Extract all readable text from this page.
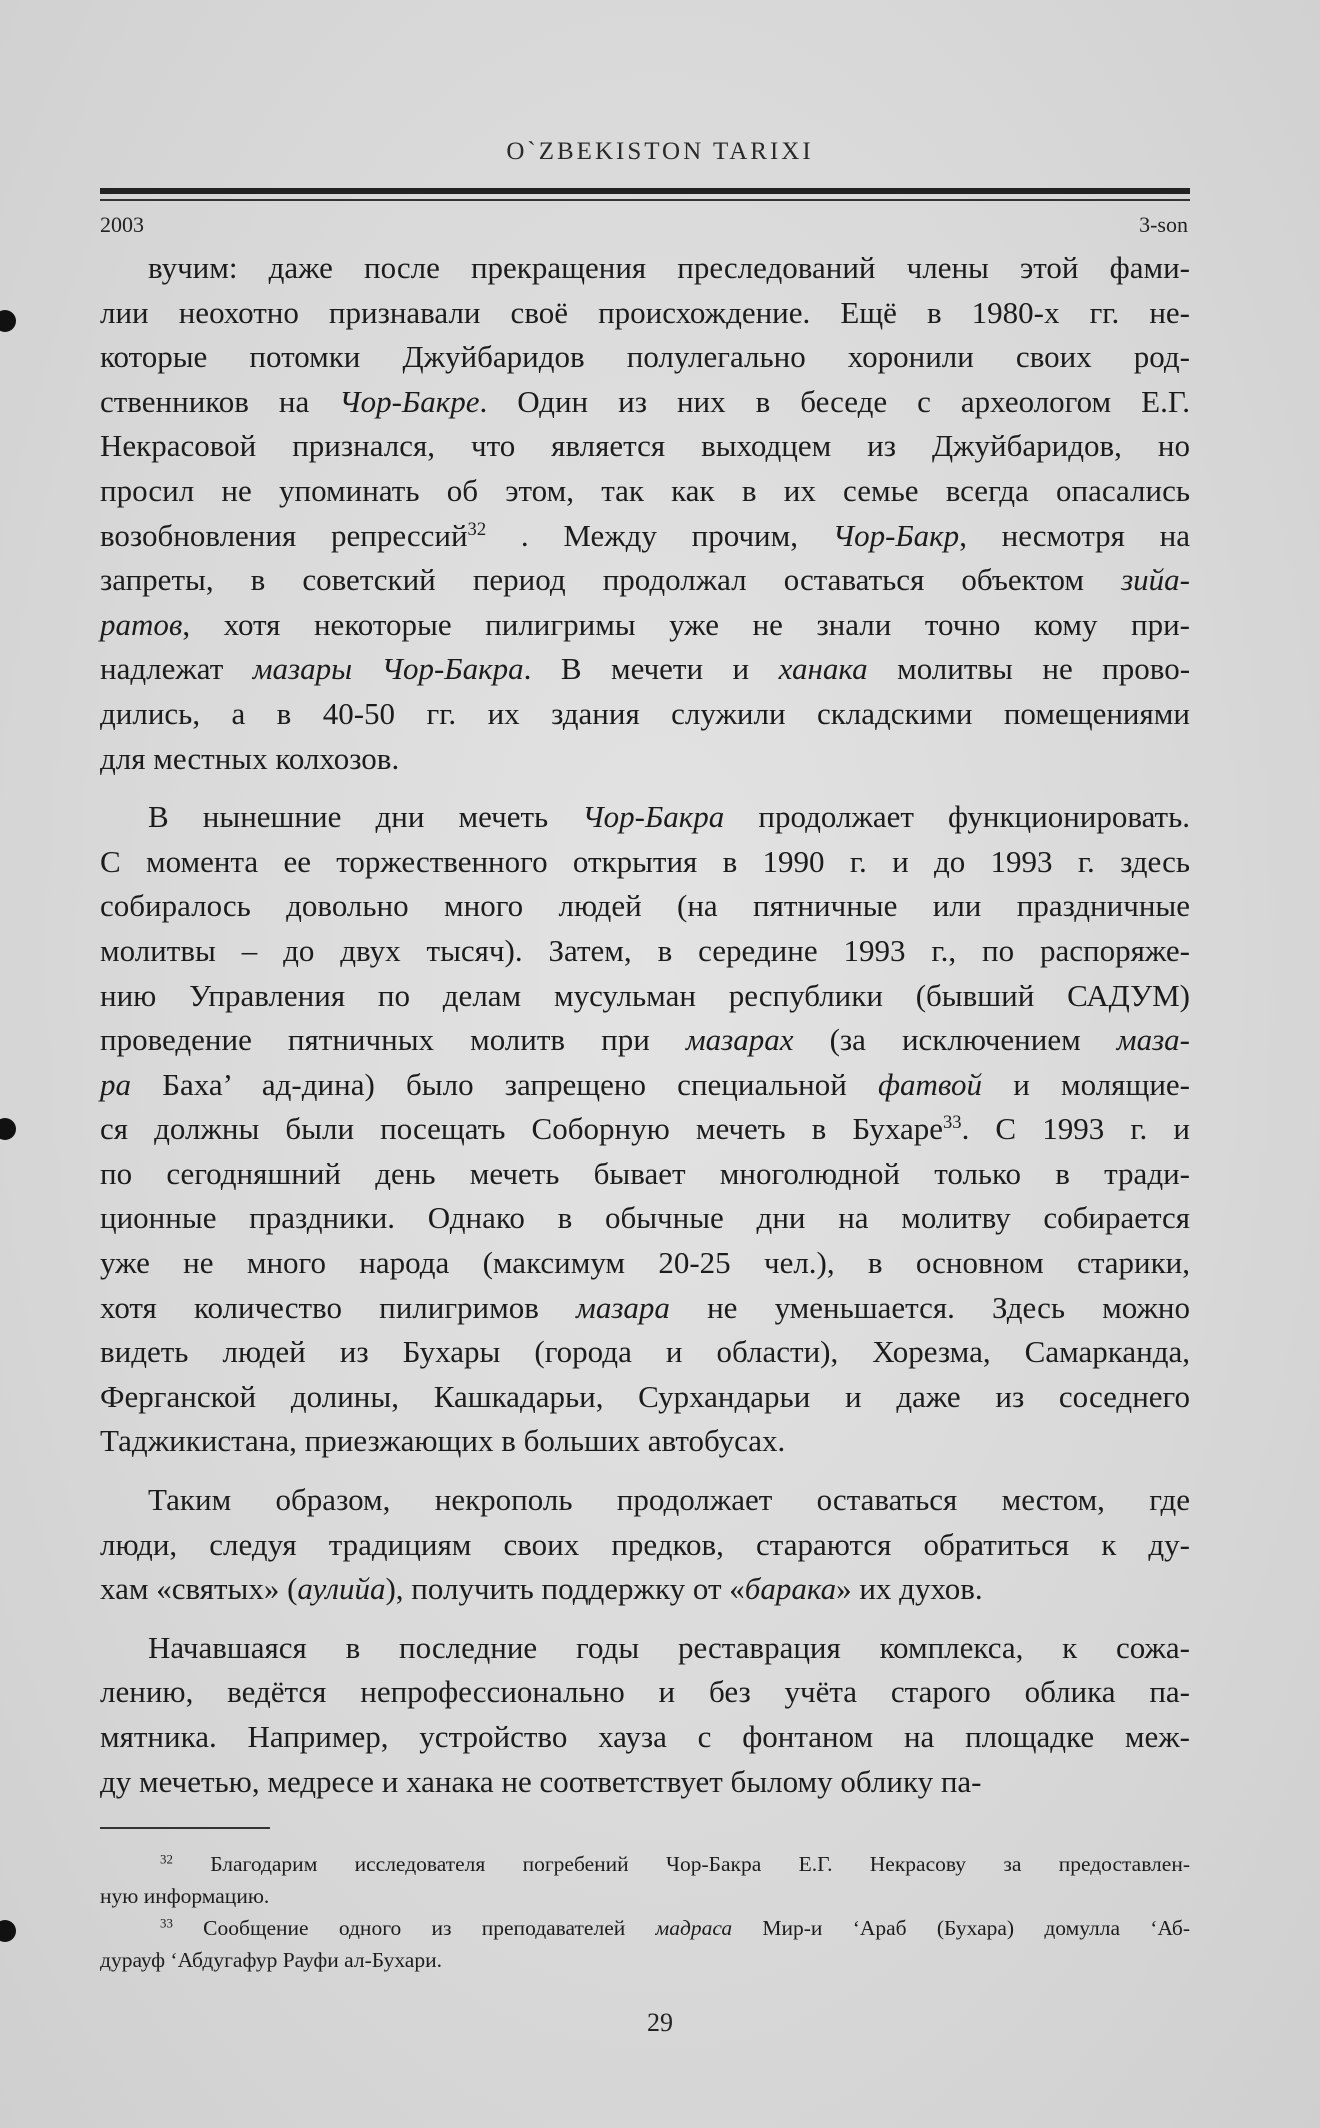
O`ZBEKISTON TARIXI
2003	3-son
вучим: даже после прекращения преследований члены этой фами-
лии неохотно признавали своё происхождение. Ещё в 1980-х гг. не-
которые потомки Джуйбаридов полулегально хоронили своих род-
ственников на Чор-Бакре. Один из них в беседе с археологом Е.Г.
Некрасовой признался, что является выходцем из Джуйбаридов, но
просил не упоминать об этом, так как в их семье всегда опасались
возобновления репрессий$^{32}$ . Между прочим, Чор-Бакр, несмотря на
запреты, в советский период продолжал оставаться объектом зийа-
ратов, хотя некоторые пилигримы уже не знали точно кому при-
надлежат мазары Чор-Бакра. В мечети и ханака молитвы не прово-
дились, а в 40-50 гг. их здания служили складскими помещениями
для местных колхозов.
В нынешние дни мечеть Чор-Бакра продолжает функционировать.
С момента ее торжественного открытия в 1990 г. и до 1993 г. здесь
собиралось довольно много людей (на пятничные или праздничные
молитвы – до двух тысяч). Затем, в середине 1993 г., по распоряже-
нию Управления по делам мусульман республики (бывший САДУМ)
проведение пятничных молитв при мазарах (за исключением маза-
ра Баха’ ад-дина) было запрещено специальной фатвой и молящие-
ся должны были посещать Соборную мечеть в Бухаре$^{33}$. С 1993 г. и
по сегодняшний день мечеть бывает многолюдной только в тради-
ционные праздники. Однако в обычные дни на молитву собирается
уже не много народа (максимум 20-25 чел.), в основном старики,
хотя количество пилигримов мазара не уменьшается. Здесь можно
видеть людей из Бухары (города и области), Хорезма, Самарканда,
Ферганской долины, Кашкадарьи, Сурхандарьи и даже из соседнего
Таджикистана, приезжающих в больших автобусах.
Таким образом, некрополь продолжает оставаться местом, где
люди, следуя традициям своих предков, стараются обратиться к ду-
хам «святых» (аулийа), получить поддержку от «барака» их духов.
Начавшаяся в последние годы реставрация комплекса, к сожа-
лению, ведётся непрофессионально и без учёта старого облика па-
мятника. Например, устройство хауза с фонтаном на площадке меж-
ду мечетью, медресе и ханака не соответствует былому облику па-
$^{32}$ Благодарим исследователя погребений Чор-Бакра Е.Г. Некрасову за предоставлен-
ную информацию.
$^{33}$ Сообщение одного из преподавателей мадраса Мир-и ‘Араб (Бухара) домулла ‘Аб-
дурауф ‘Абдугафур Рауфи ал-Бухари.
29
